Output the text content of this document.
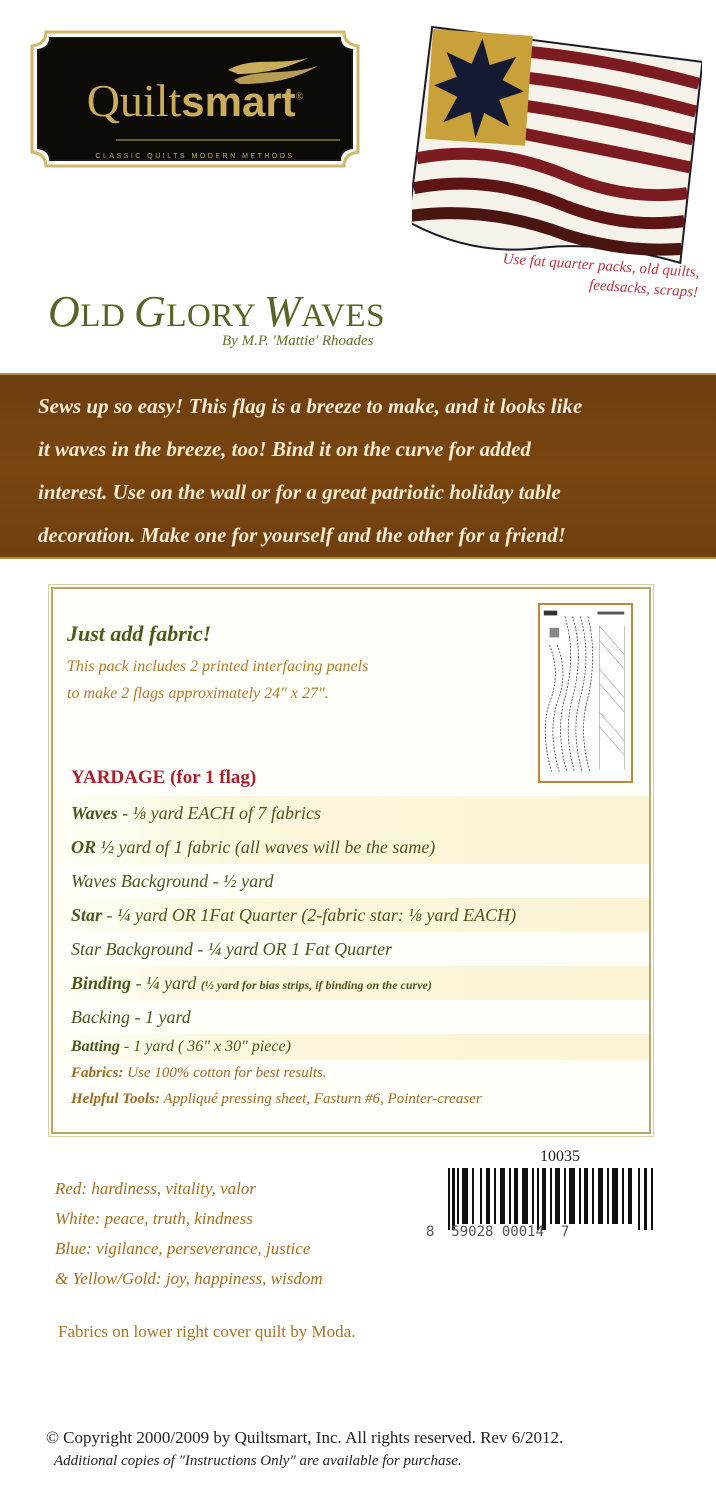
Quiltsmart®
CLASSIC QUILTS MODERN METHODS
Use fat quarter packs, old quilts,
feedsacks, scraps!
OLD GLORY WAVES
By M.P. 'Mattie' Rhoades
Sews up so easy! This flag is a breeze to make, and it looks like
it waves in the breeze, too! Bind it on the curve for added
interest. Use on the wall or for a great patriotic holiday table
decoration. Make one for yourself and the other for a friend!
Just add fabric!
This pack includes 2 printed interfacing panels
to make 2 flags approximately 24" x 27".
YARDAGE (for 1 flag)
Waves - ⅛ yard EACH of 7 fabrics
OR ½ yard of 1 fabric (all waves will be the same)
Waves Background - ½ yard
Star - ¼ yard OR 1Fat Quarter (2-fabric star: ⅛ yard EACH)
Star Background - ¼ yard OR 1 Fat Quarter
Binding - ¼ yard (½ yard for bias strips, if binding on the curve)
Backing - 1 yard
Batting - 1 yard ( 36" x 30" piece)
Fabrics: Use 100% cotton for best results.
Helpful Tools: Appliqué pressing sheet, Fasturn #6, Pointer-creaser
Red: hardiness, vitality, valor
White: peace, truth, kindness
Blue: vigilance, perseverance, justice
& Yellow/Gold: joy, happiness, wisdom
10035
8  59028 00014  7
Fabrics on lower right cover quilt by Moda.
© Copyright 2000/2009 by Quiltsmart, Inc. All rights reserved. Rev 6/2012.
Additional copies of "Instructions Only" are available for purchase.
